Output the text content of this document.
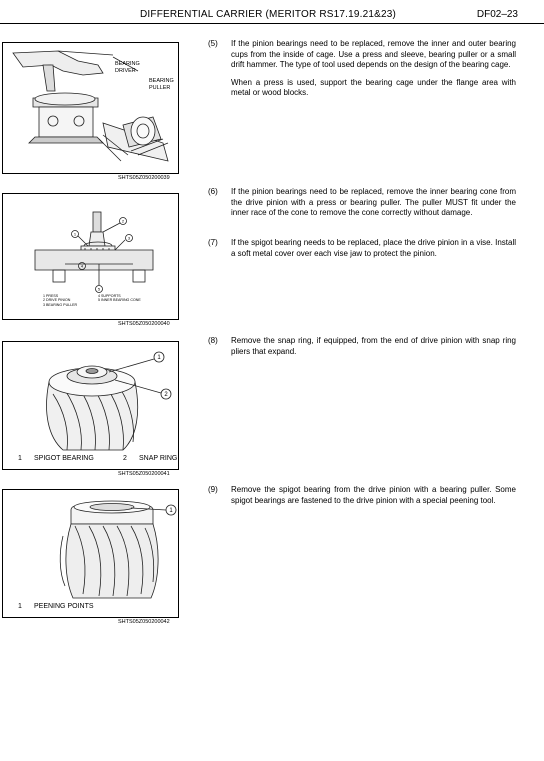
DIFFERENTIAL CARRIER (MERITOR RS17.19.21&23)	DF02–23
BEARING DRIVER
BEARING PULLER
SHTS05Z050200039
2
1
3
4
5
1 PRESS
2 DRIVE PINION
3 BEARING PULLER
4 SUPPORTS
5 INNER BEARING CONE
SHTS05Z050200040
1
2
1 SPIGOT BEARING	2 SNAP RING
SHTS05Z050200041
1
1 PEENING POINTS
SHTS05Z050200042
(5) If the pinion bearings need to be replaced, remove the inner and outer bearing cups from the inside of cage. Use a press and sleeve, bearing puller or a small drift hammer. The type of tool used depends on the design of the bearing cage.

When a press is used, support the bearing cage under the flange area with metal or wood blocks.

(6) If the pinion bearings need to be replaced, remove the inner bearing cone from the drive pinion with a press or bearing puller. The puller MUST fit under the inner race of the cone to remove the cone correctly without damage.

(7) If the spigot bearing needs to be replaced, place the drive pinion in a vise. Install a soft metal cover over each vise jaw to protect the pinion.

(8) Remove the snap ring, if equipped, from the end of drive pinion with snap ring pliers that expand.

(9) Remove the spigot bearing from the drive pinion with a bearing puller. Some spigot bearings are fastened to the drive pinion with a special peening tool.
